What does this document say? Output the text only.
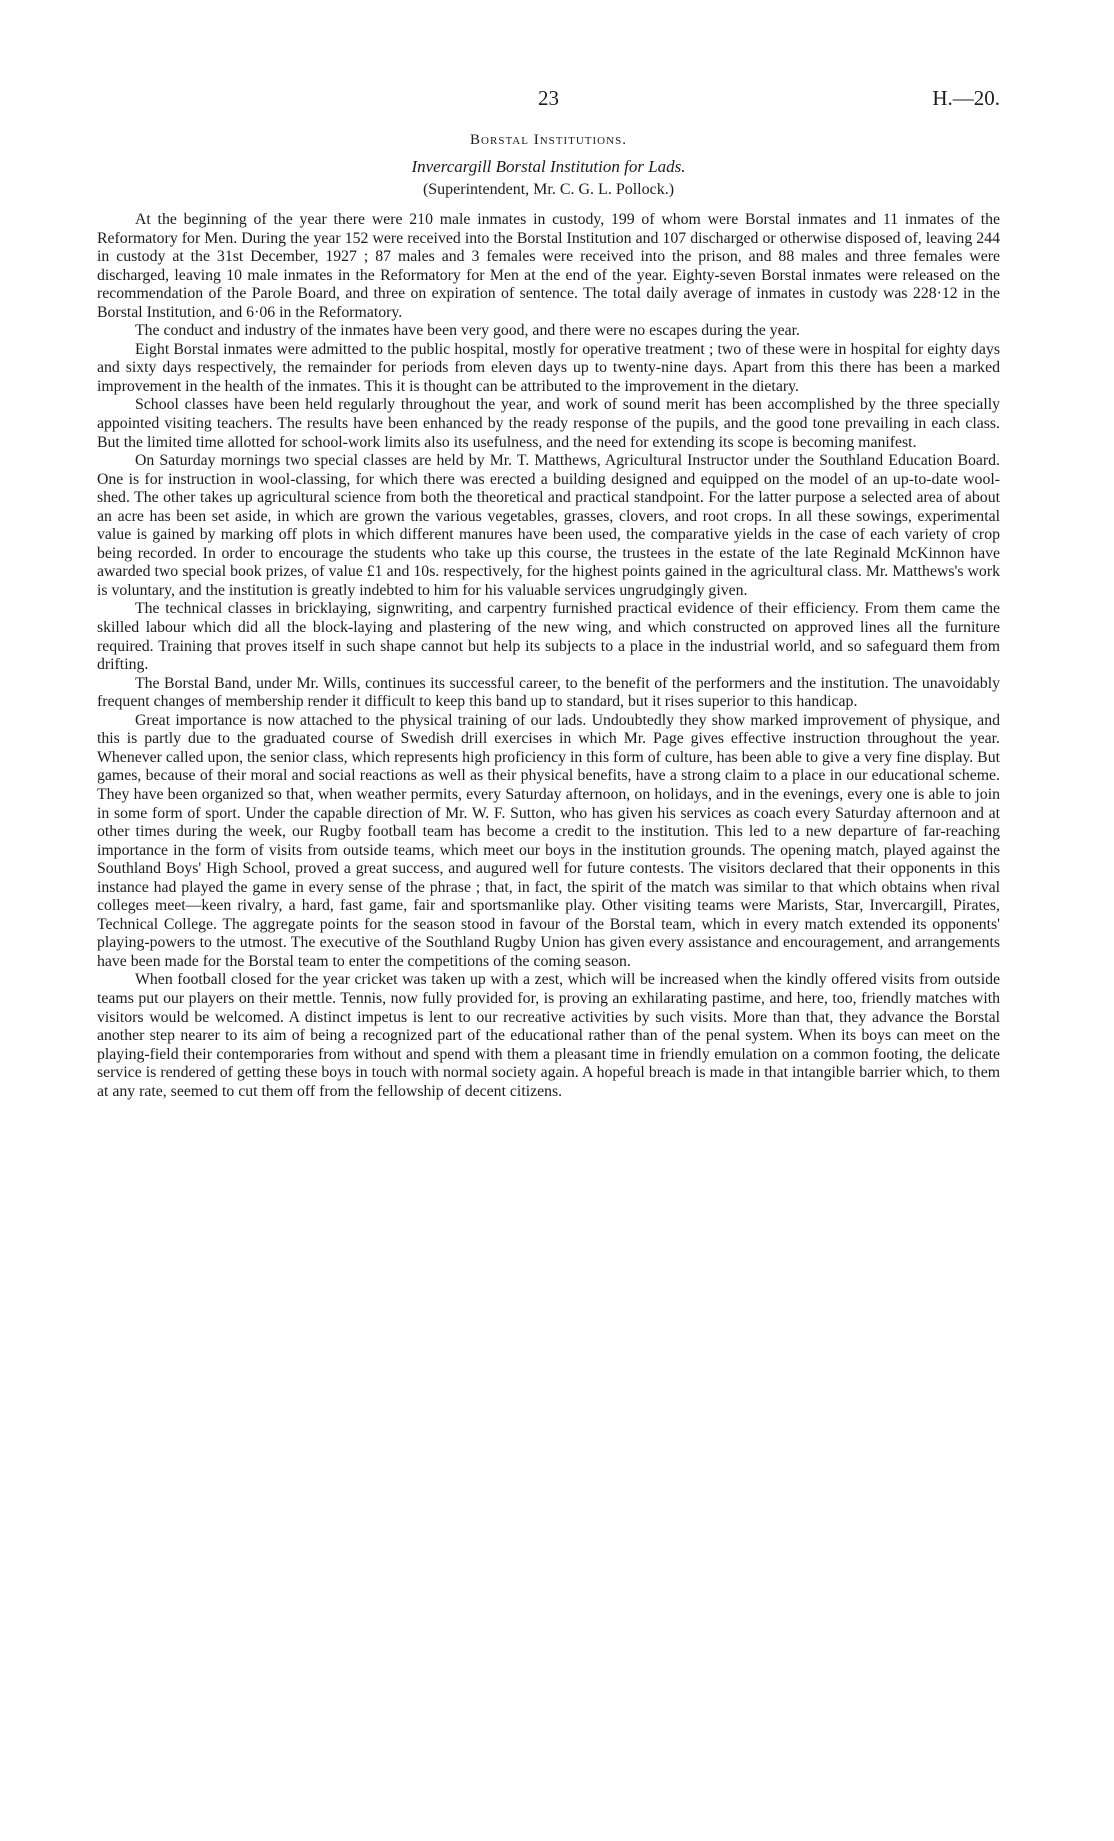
23	H.—20.
Borstal Institutions.
Invercargill Borstal Institution for Lads.
(Superintendent, Mr. C. G. L. Pollock.)

At the beginning of the year there were 210 male inmates in custody, 199 of whom were Borstal inmates and 11 inmates of the Reformatory for Men. During the year 152 were received into the Borstal Institution and 107 discharged or otherwise disposed of, leaving 244 in custody at the 31st December, 1927 ; 87 males and 3 females were received into the prison, and 88 males and three females were discharged, leaving 10 male inmates in the Reformatory for Men at the end of the year. Eighty-seven Borstal inmates were released on the recommendation of the Parole Board, and three on expiration of sentence. The total daily average of inmates in custody was 228·12 in the Borstal Institution, and 6·06 in the Reformatory.

The conduct and industry of the inmates have been very good, and there were no escapes during the year.

Eight Borstal inmates were admitted to the public hospital, mostly for operative treatment ; two of these were in hospital for eighty days and sixty days respectively, the remainder for periods from eleven days up to twenty-nine days. Apart from this there has been a marked improvement in the health of the inmates. This it is thought can be attributed to the improvement in the dietary.

School classes have been held regularly throughout the year, and work of sound merit has been accomplished by the three specially appointed visiting teachers. The results have been enhanced by the ready response of the pupils, and the good tone prevailing in each class. But the limited time allotted for school-work limits also its usefulness, and the need for extending its scope is becoming manifest.

On Saturday mornings two special classes are held by Mr. T. Matthews, Agricultural Instructor under the Southland Education Board. One is for instruction in wool-classing, for which there was erected a building designed and equipped on the model of an up-to-date wool-shed. The other takes up agricultural science from both the theoretical and practical standpoint. For the latter purpose a selected area of about an acre has been set aside, in which are grown the various vegetables, grasses, clovers, and root crops. In all these sowings, experimental value is gained by marking off plots in which different manures have been used, the comparative yields in the case of each variety of crop being recorded. In order to encourage the students who take up this course, the trustees in the estate of the late Reginald McKinnon have awarded two special book prizes, of value £1 and 10s. respectively, for the highest points gained in the agricultural class. Mr. Matthews's work is voluntary, and the institution is greatly indebted to him for his valuable services ungrudgingly given.

The technical classes in bricklaying, signwriting, and carpentry furnished practical evidence of their efficiency. From them came the skilled labour which did all the block-laying and plastering of the new wing, and which constructed on approved lines all the furniture required. Training that proves itself in such shape cannot but help its subjects to a place in the industrial world, and so safeguard them from drifting.

The Borstal Band, under Mr. Wills, continues its successful career, to the benefit of the performers and the institution. The unavoidably frequent changes of membership render it difficult to keep this band up to standard, but it rises superior to this handicap.

Great importance is now attached to the physical training of our lads. Undoubtedly they show marked improvement of physique, and this is partly due to the graduated course of Swedish drill exercises in which Mr. Page gives effective instruction throughout the year. Whenever called upon, the senior class, which represents high proficiency in this form of culture, has been able to give a very fine display. But games, because of their moral and social reactions as well as their physical benefits, have a strong claim to a place in our educational scheme. They have been organized so that, when weather permits, every Saturday afternoon, on holidays, and in the evenings, every one is able to join in some form of sport. Under the capable direction of Mr. W. F. Sutton, who has given his services as coach every Saturday afternoon and at other times during the week, our Rugby football team has become a credit to the institution. This led to a new departure of far-reaching importance in the form of visits from outside teams, which meet our boys in the institution grounds. The opening match, played against the Southland Boys' High School, proved a great success, and augured well for future contests. The visitors declared that their opponents in this instance had played the game in every sense of the phrase ; that, in fact, the spirit of the match was similar to that which obtains when rival colleges meet—keen rivalry, a hard, fast game, fair and sportsmanlike play. Other visiting teams were Marists, Star, Invercargill, Pirates, Technical College. The aggregate points for the season stood in favour of the Borstal team, which in every match extended its opponents' playing-powers to the utmost. The executive of the Southland Rugby Union has given every assistance and encouragement, and arrangements have been made for the Borstal team to enter the competitions of the coming season.

When football closed for the year cricket was taken up with a zest, which will be increased when the kindly offered visits from outside teams put our players on their mettle. Tennis, now fully provided for, is proving an exhilarating pastime, and here, too, friendly matches with visitors would be welcomed. A distinct impetus is lent to our recreative activities by such visits. More than that, they advance the Borstal another step nearer to its aim of being a recognized part of the educational rather than of the penal system. When its boys can meet on the playing-field their contemporaries from without and spend with them a pleasant time in friendly emulation on a common footing, the delicate service is rendered of getting these boys in touch with normal society again. A hopeful breach is made in that intangible barrier which, to them at any rate, seemed to cut them off from the fellowship of decent citizens.
